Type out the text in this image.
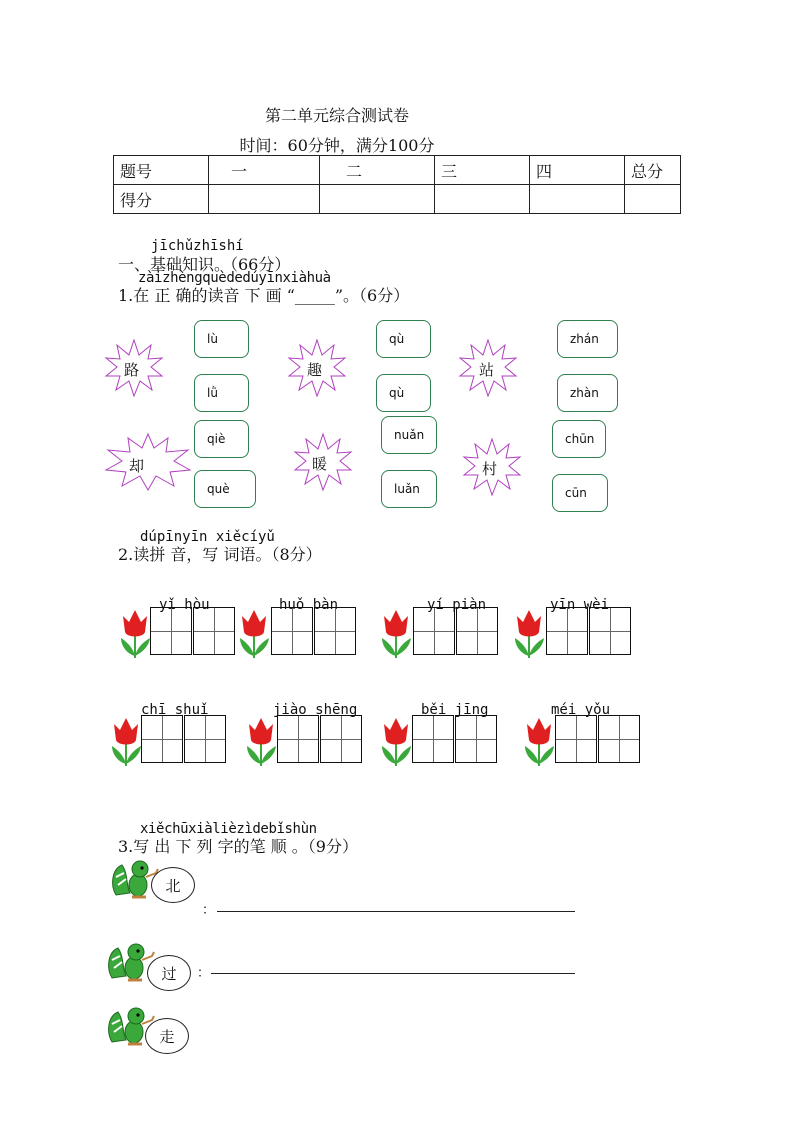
第二单元综合测试卷
时间：60分钟，满分100分
题号	一	二	三	四	总分
得分					
jīchǔzhīshí
一、基础知识。（66分）
zàizhèngquèdedúyīnxiàhuà
1.在 正 确的读音 下 画 “_____”。（6分）
路	趣	站
却	暖	村
lù
lǜ
qù
qù
zhán
zhàn
qiè
què
nuǎn
luǎn
chūn
cūn
dúpīnyīn xiěcíyǔ
2.读拼 音，写 词语。（8分）
yǐ hòu	huǒ bàn	yí piàn	yīn wèi
chī shuǐ	jiào shēng	běi jīng	méi yǒu
xiěchūxiàlièzìdebǐshùn
3.写 出 下 列 字的笔 顺 。（9分）
北
：
过	：
走
